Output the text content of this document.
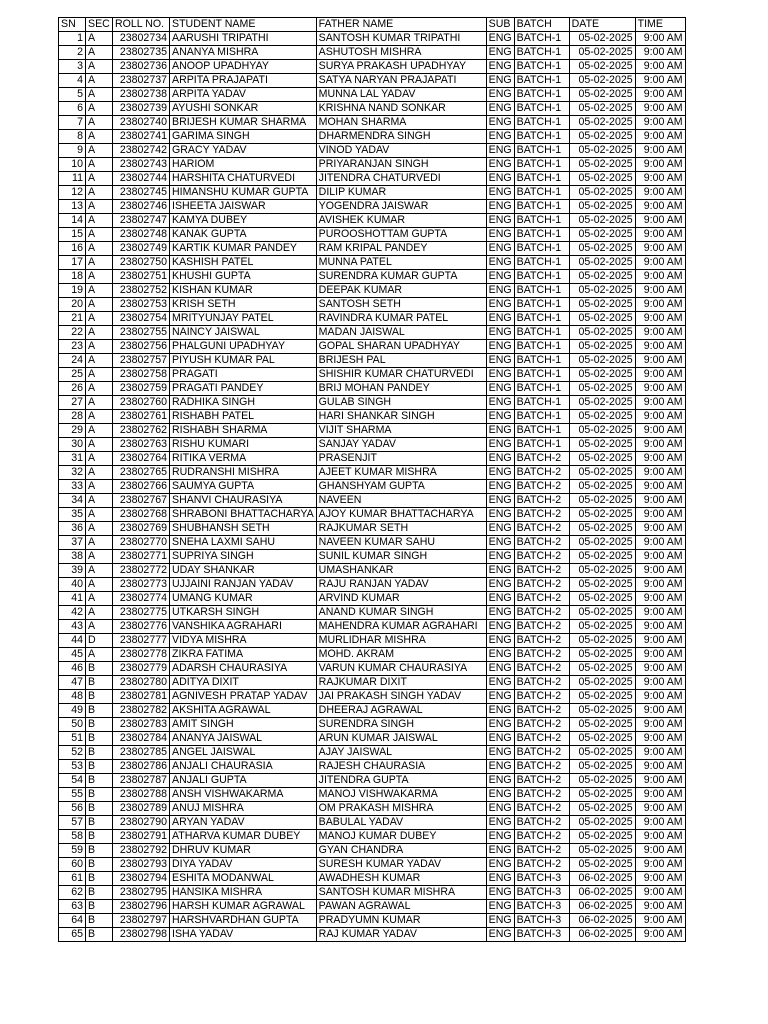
SN	SEC	ROLL NO.	STUDENT NAME	FATHER NAME	SUB	BATCH	DATE	TIME
1	A	23802734	AARUSHI TRIPATHI	SANTOSH KUMAR TRIPATHI	ENG	BATCH-1	05-02-2025	9:00 AM
2	A	23802735	ANANYA MISHRA	ASHUTOSH MISHRA	ENG	BATCH-1	05-02-2025	9:00 AM
3	A	23802736	ANOOP UPADHYAY	SURYA PRAKASH UPADHYAY	ENG	BATCH-1	05-02-2025	9:00 AM
4	A	23802737	ARPITA PRAJAPATI	SATYA NARYAN PRAJAPATI	ENG	BATCH-1	05-02-2025	9:00 AM
5	A	23802738	ARPITA YADAV	MUNNA LAL YADAV	ENG	BATCH-1	05-02-2025	9:00 AM
6	A	23802739	AYUSHI SONKAR	KRISHNA NAND SONKAR	ENG	BATCH-1	05-02-2025	9:00 AM
7	A	23802740	BRIJESH KUMAR SHARMA	MOHAN SHARMA	ENG	BATCH-1	05-02-2025	9:00 AM
8	A	23802741	GARIMA SINGH	DHARMENDRA SINGH	ENG	BATCH-1	05-02-2025	9:00 AM
9	A	23802742	GRACY YADAV	VINOD YADAV	ENG	BATCH-1	05-02-2025	9:00 AM
10	A	23802743	HARIOM	PRIYARANJAN SINGH	ENG	BATCH-1	05-02-2025	9:00 AM
11	A	23802744	HARSHITA CHATURVEDI	JITENDRA CHATURVEDI	ENG	BATCH-1	05-02-2025	9:00 AM
12	A	23802745	HIMANSHU KUMAR GUPTA	DILIP KUMAR	ENG	BATCH-1	05-02-2025	9:00 AM
13	A	23802746	ISHEETA JAISWAR	YOGENDRA JAISWAR	ENG	BATCH-1	05-02-2025	9:00 AM
14	A	23802747	KAMYA DUBEY	AVISHEK KUMAR	ENG	BATCH-1	05-02-2025	9:00 AM
15	A	23802748	KANAK GUPTA	PUROOSHOTTAM GUPTA	ENG	BATCH-1	05-02-2025	9:00 AM
16	A	23802749	KARTIK KUMAR PANDEY	RAM KRIPAL PANDEY	ENG	BATCH-1	05-02-2025	9:00 AM
17	A	23802750	KASHISH PATEL	MUNNA PATEL	ENG	BATCH-1	05-02-2025	9:00 AM
18	A	23802751	KHUSHI GUPTA	SURENDRA KUMAR GUPTA	ENG	BATCH-1	05-02-2025	9:00 AM
19	A	23802752	KISHAN KUMAR	DEEPAK KUMAR	ENG	BATCH-1	05-02-2025	9:00 AM
20	A	23802753	KRISH SETH	SANTOSH SETH	ENG	BATCH-1	05-02-2025	9:00 AM
21	A	23802754	MRITYUNJAY PATEL	RAVINDRA KUMAR PATEL	ENG	BATCH-1	05-02-2025	9:00 AM
22	A	23802755	NAINCY JAISWAL	MADAN JAISWAL	ENG	BATCH-1	05-02-2025	9:00 AM
23	A	23802756	PHALGUNI UPADHYAY	GOPAL SHARAN UPADHYAY	ENG	BATCH-1	05-02-2025	9:00 AM
24	A	23802757	PIYUSH KUMAR PAL	BRIJESH PAL	ENG	BATCH-1	05-02-2025	9:00 AM
25	A	23802758	PRAGATI	SHISHIR KUMAR CHATURVEDI	ENG	BATCH-1	05-02-2025	9:00 AM
26	A	23802759	PRAGATI PANDEY	BRIJ MOHAN PANDEY	ENG	BATCH-1	05-02-2025	9:00 AM
27	A	23802760	RADHIKA SINGH	GULAB SINGH	ENG	BATCH-1	05-02-2025	9:00 AM
28	A	23802761	RISHABH PATEL	HARI SHANKAR SINGH	ENG	BATCH-1	05-02-2025	9:00 AM
29	A	23802762	RISHABH SHARMA	VIJIT SHARMA	ENG	BATCH-1	05-02-2025	9:00 AM
30	A	23802763	RISHU KUMARI	SANJAY YADAV	ENG	BATCH-1	05-02-2025	9:00 AM
31	A	23802764	RITIKA VERMA	PRASENJIT	ENG	BATCH-2	05-02-2025	9:00 AM
32	A	23802765	RUDRANSHI MISHRA	AJEET KUMAR MISHRA	ENG	BATCH-2	05-02-2025	9:00 AM
33	A	23802766	SAUMYA GUPTA	GHANSHYAM GUPTA	ENG	BATCH-2	05-02-2025	9:00 AM
34	A	23802767	SHANVI CHAURASIYA	NAVEEN	ENG	BATCH-2	05-02-2025	9:00 AM
35	A	23802768	SHRABONI BHATTACHARYA	AJOY KUMAR BHATTACHARYA	ENG	BATCH-2	05-02-2025	9:00 AM
36	A	23802769	SHUBHANSH SETH	RAJKUMAR SETH	ENG	BATCH-2	05-02-2025	9:00 AM
37	A	23802770	SNEHA LAXMI SAHU	NAVEEN KUMAR SAHU	ENG	BATCH-2	05-02-2025	9:00 AM
38	A	23802771	SUPRIYA SINGH	SUNIL KUMAR SINGH	ENG	BATCH-2	05-02-2025	9:00 AM
39	A	23802772	UDAY SHANKAR	UMASHANKAR	ENG	BATCH-2	05-02-2025	9:00 AM
40	A	23802773	UJJAINI RANJAN YADAV	RAJU RANJAN YADAV	ENG	BATCH-2	05-02-2025	9:00 AM
41	A	23802774	UMANG KUMAR	ARVIND KUMAR	ENG	BATCH-2	05-02-2025	9:00 AM
42	A	23802775	UTKARSH SINGH	ANAND KUMAR SINGH	ENG	BATCH-2	05-02-2025	9:00 AM
43	A	23802776	VANSHIKA AGRAHARI	MAHENDRA KUMAR AGRAHARI	ENG	BATCH-2	05-02-2025	9:00 AM
44	D	23802777	VIDYA MISHRA	MURLIDHAR MISHRA	ENG	BATCH-2	05-02-2025	9:00 AM
45	A	23802778	ZIKRA FATIMA	MOHD. AKRAM	ENG	BATCH-2	05-02-2025	9:00 AM
46	B	23802779	ADARSH CHAURASIYA	VARUN KUMAR CHAURASIYA	ENG	BATCH-2	05-02-2025	9:00 AM
47	B	23802780	ADITYA DIXIT	RAJKUMAR DIXIT	ENG	BATCH-2	05-02-2025	9:00 AM
48	B	23802781	AGNIVESH PRATAP YADAV	JAI PRAKASH SINGH YADAV	ENG	BATCH-2	05-02-2025	9:00 AM
49	B	23802782	AKSHITA AGRAWAL	DHEERAJ AGRAWAL	ENG	BATCH-2	05-02-2025	9:00 AM
50	B	23802783	AMIT SINGH	SURENDRA SINGH	ENG	BATCH-2	05-02-2025	9:00 AM
51	B	23802784	ANANYA JAISWAL	ARUN KUMAR JAISWAL	ENG	BATCH-2	05-02-2025	9:00 AM
52	B	23802785	ANGEL JAISWAL	AJAY JAISWAL	ENG	BATCH-2	05-02-2025	9:00 AM
53	B	23802786	ANJALI CHAURASIA	RAJESH CHAURASIA	ENG	BATCH-2	05-02-2025	9:00 AM
54	B	23802787	ANJALI GUPTA	JITENDRA GUPTA	ENG	BATCH-2	05-02-2025	9:00 AM
55	B	23802788	ANSH VISHWAKARMA	MANOJ VISHWAKARMA	ENG	BATCH-2	05-02-2025	9:00 AM
56	B	23802789	ANUJ MISHRA	OM PRAKASH MISHRA	ENG	BATCH-2	05-02-2025	9:00 AM
57	B	23802790	ARYAN YADAV	BABULAL YADAV	ENG	BATCH-2	05-02-2025	9:00 AM
58	B	23802791	ATHARVA KUMAR DUBEY	MANOJ KUMAR DUBEY	ENG	BATCH-2	05-02-2025	9:00 AM
59	B	23802792	DHRUV KUMAR	GYAN CHANDRA	ENG	BATCH-2	05-02-2025	9:00 AM
60	B	23802793	DIYA YADAV	SURESH KUMAR YADAV	ENG	BATCH-2	05-02-2025	9:00 AM
61	B	23802794	ESHITA MODANWAL	AWADHESH KUMAR	ENG	BATCH-3	06-02-2025	9:00 AM
62	B	23802795	HANSIKA MISHRA	SANTOSH KUMAR MISHRA	ENG	BATCH-3	06-02-2025	9:00 AM
63	B	23802796	HARSH KUMAR AGRAWAL	PAWAN AGRAWAL	ENG	BATCH-3	06-02-2025	9:00 AM
64	B	23802797	HARSHVARDHAN GUPTA	PRADYUMN KUMAR	ENG	BATCH-3	06-02-2025	9:00 AM
65	B	23802798	ISHA YADAV	RAJ KUMAR YADAV	ENG	BATCH-3	06-02-2025	9:00 AM
